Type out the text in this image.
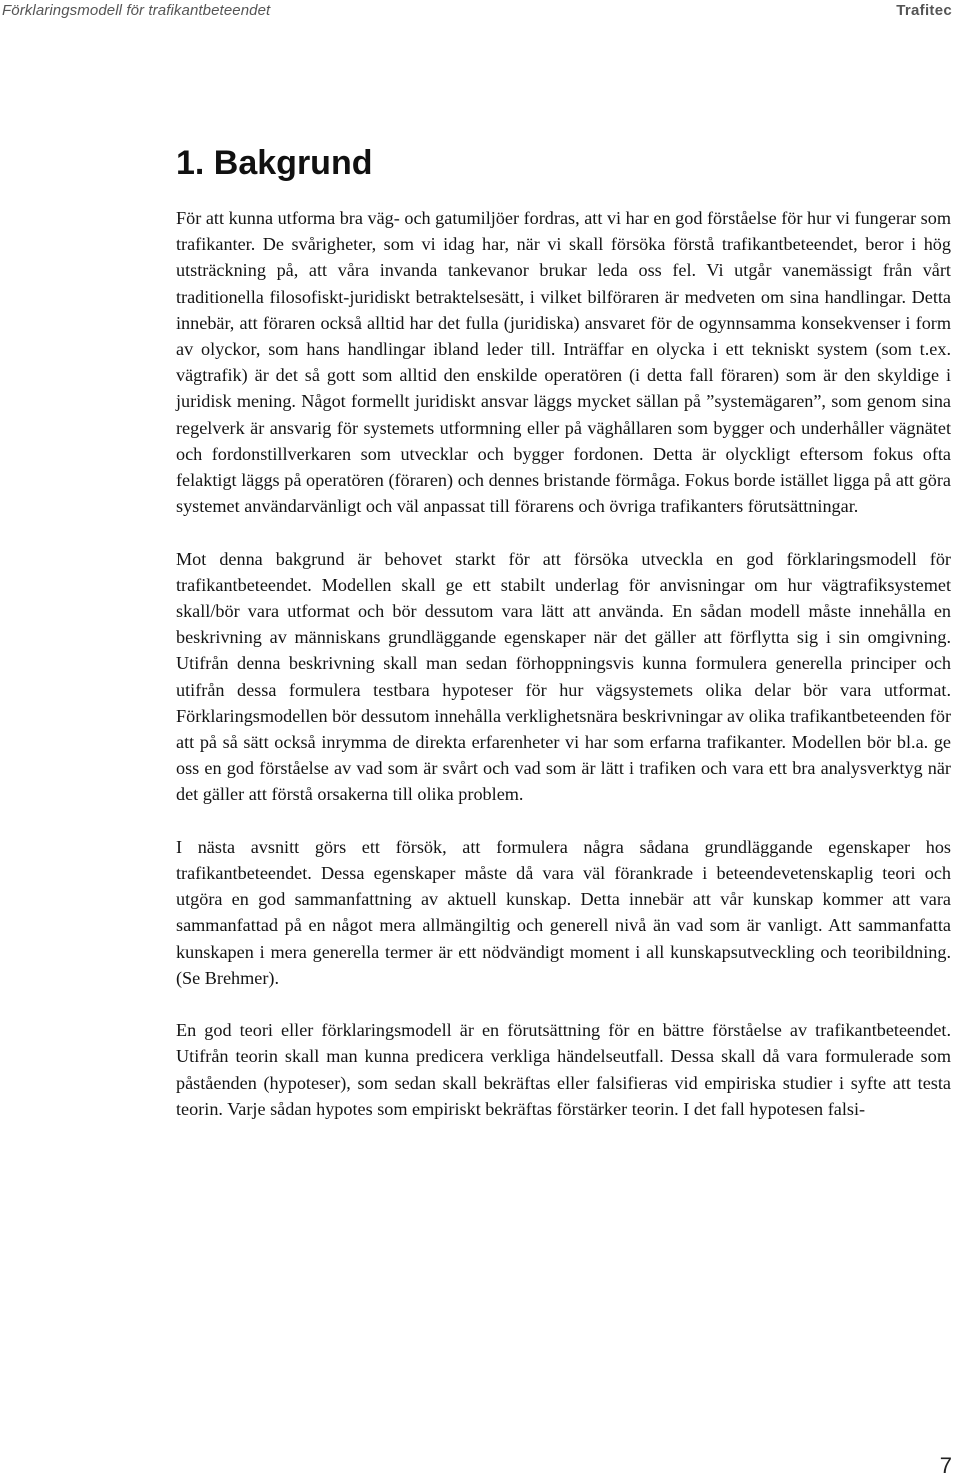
Förklaringsmodell för trafikantbeteendet	Trafitec
1. Bakgrund

För att kunna utforma bra väg- och gatumiljöer fordras, att vi har en god förståelse för hur vi fungerar som trafikanter. De svårigheter, som vi idag har, när vi skall försöka förstå trafikantbeteendet, beror i hög utsträckning på, att våra invanda tankevanor brukar leda oss fel. Vi utgår vanemässigt från vårt traditionella filosofiskt-juridiskt betraktelsesätt, i vilket bilföraren är medveten om sina handlingar. Detta innebär, att föraren också alltid har det fulla (juridiska) ansvaret för de ogynnsamma konsekvenser i form av olyckor, som hans handlingar ibland leder till. Inträffar en olycka i ett tekniskt system (som t.ex. vägtrafik) är det så gott som alltid den enskilde operatören (i detta fall föraren) som är den skyldige i juridisk mening. Något formellt juridiskt ansvar läggs mycket sällan på ”systemägaren”, som genom sina regelverk är ansvarig för systemets utformning eller på väghållaren som bygger och underhåller vägnätet och fordonstillverkaren som utvecklar och bygger fordonen. Detta är olyckligt eftersom fokus ofta felaktigt läggs på operatören (föraren) och dennes bristande förmåga. Fokus borde istället ligga på att göra systemet användarvänligt och väl anpassat till förarens och övriga trafikanters förutsättningar.

Mot denna bakgrund är behovet starkt för att försöka utveckla en god förklaringsmodell för trafikantbeteendet. Modellen skall ge ett stabilt underlag för anvisningar om hur vägtrafiksystemet skall/bör vara utformat och bör dessutom vara lätt att använda. En sådan modell måste innehålla en beskrivning av människans grundläggande egenskaper när det gäller att förflytta sig i sin omgivning. Utifrån denna beskrivning skall man sedan förhoppningsvis kunna formulera generella principer och utifrån dessa formulera testbara hypoteser för hur vägsystemets olika delar bör vara utformat. Förklaringsmodellen bör dessutom innehålla verklighetsnära beskrivningar av olika trafikantbeteenden för att på så sätt också inrymma de direkta erfarenheter vi har som erfarna trafikanter. Modellen bör bl.a. ge oss en god förståelse av vad som är svårt och vad som är lätt i trafiken och vara ett bra analysverktyg när det gäller att förstå orsakerna till olika problem.

I nästa avsnitt görs ett försök, att formulera några sådana grundläggande egenskaper hos trafikantbeteendet. Dessa egenskaper måste då vara väl förankrade i beteendevetenskaplig teori och utgöra en god sammanfattning av aktuell kunskap. Detta innebär att vår kunskap kommer att vara sammanfattad på en något mera allmängiltig och generell nivå än vad som är vanligt. Att sammanfatta kunskapen i mera generella termer är ett nödvändigt moment i all kunskapsutveckling och teoribildning. (Se Brehmer).

En god teori eller förklaringsmodell är en förutsättning för en bättre förståelse av trafikantbeteendet. Utifrån teorin skall man kunna predicera verkliga händelseutfall. Dessa skall då vara formulerade som påståenden (hypoteser), som sedan skall bekräftas eller falsifieras vid empiriska studier i syfte att testa teorin. Varje sådan hypotes som empiriskt bekräftas förstärker teorin. I det fall hypotesen falsi-

7
